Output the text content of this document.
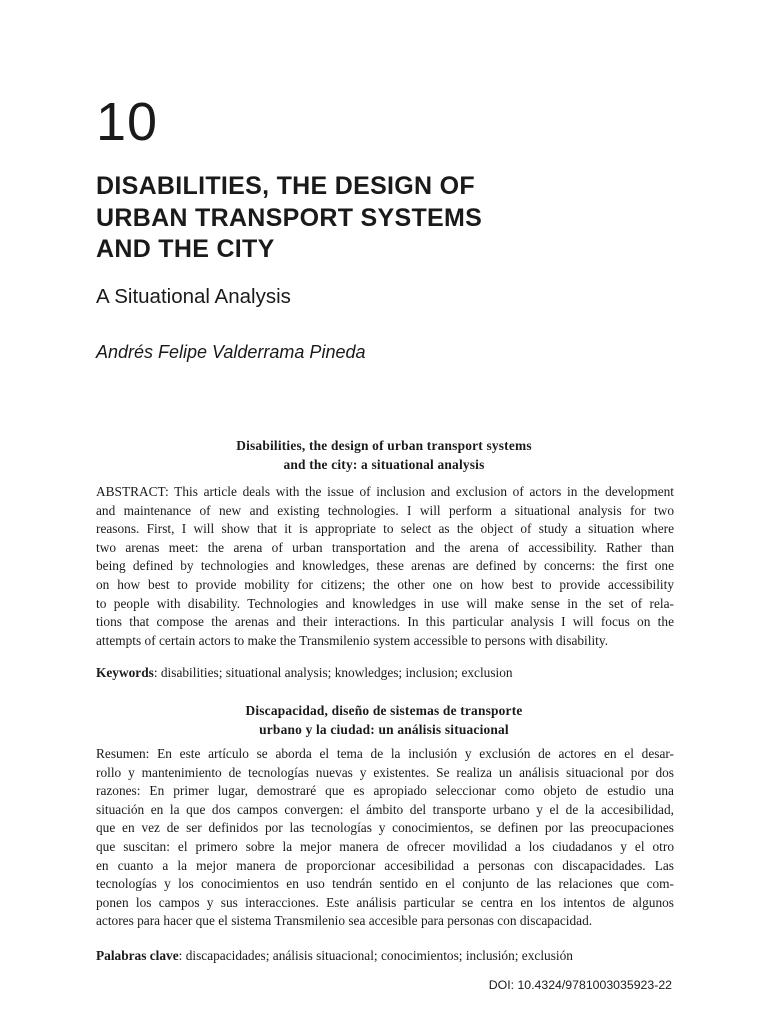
10
DISABILITIES, THE DESIGN OF
URBAN TRANSPORT SYSTEMS
AND THE CITY
A Situational Analysis
Andrés Felipe Valderrama Pineda
Disabilities, the design of urban transport systems
and the city: a situational analysis
ABSTRACT: This article deals with the issue of inclusion and exclusion of actors in the development
and maintenance of new and existing technologies. I will perform a situational analysis for two
reasons. First, I will show that it is appropriate to select as the object of study a situation where
two arenas meet: the arena of urban transportation and the arena of accessibility. Rather than
being defined by technologies and knowledges, these arenas are defined by concerns: the first one
on how best to provide mobility for citizens; the other one on how best to provide accessibility
to people with disability. Technologies and knowledges in use will make sense in the set of rela-
tions that compose the arenas and their interactions. In this particular analysis I will focus on the
attempts of certain actors to make the Transmilenio system accessible to persons with disability.
Keywords: disabilities; situational analysis; knowledges; inclusion; exclusion
Discapacidad, diseño de sistemas de transporte
urbano y la ciudad: un análisis situacional
Resumen: En este artículo se aborda el tema de la inclusión y exclusión de actores en el desar-
rollo y mantenimiento de tecnologías nuevas y existentes. Se realiza un análisis situacional por dos
razones: En primer lugar, demostraré que es apropiado seleccionar como objeto de estudio una
situación en la que dos campos convergen: el ámbito del transporte urbano y el de la accesibilidad,
que en vez de ser definidos por las tecnologías y conocimientos, se definen por las preocupaciones
que suscitan: el primero sobre la mejor manera de ofrecer movilidad a los ciudadanos y el otro
en cuanto a la mejor manera de proporcionar accesibilidad a personas con discapacidades. Las
tecnologías y los conocimientos en uso tendrán sentido en el conjunto de las relaciones que com-
ponen los campos y sus interacciones. Este análisis particular se centra en los intentos de algunos
actores para hacer que el sistema Transmilenio sea accesible para personas con discapacidad.
Palabras clave: discapacidades; análisis situacional; conocimientos; inclusión; exclusión
DOI: 10.4324/9781003035923-22
